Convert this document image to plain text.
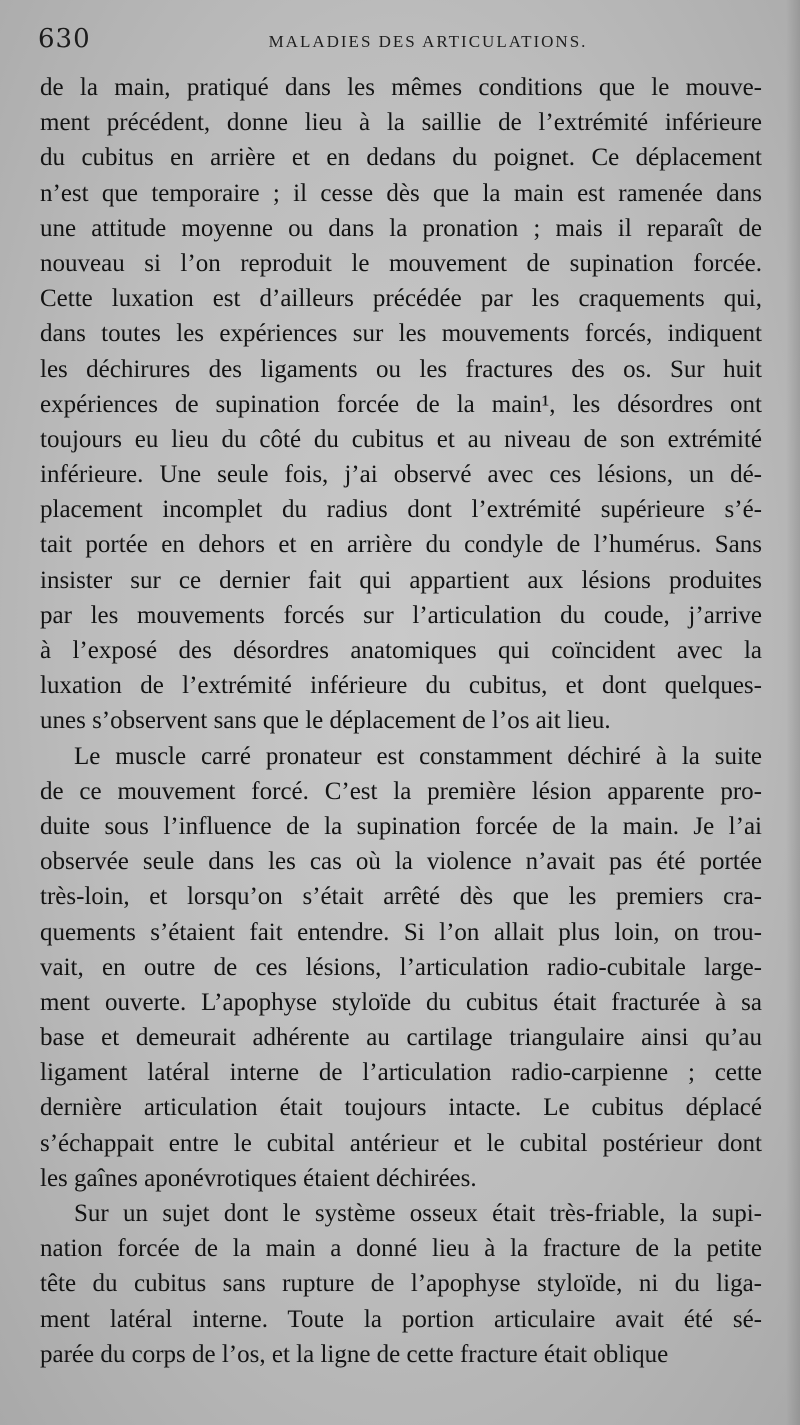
630	MALADIES DES ARTICULATIONS.
de la main, pratiqué dans les mêmes conditions que le mouve-
ment précédent, donne lieu à la saillie de l’extrémité inférieure
du cubitus en arrière et en dedans du poignet. Ce déplacement
n’est que temporaire ; il cesse dès que la main est ramenée dans
une attitude moyenne ou dans la pronation ; mais il reparaît de
nouveau si l’on reproduit le mouvement de supination forcée.
Cette luxation est d’ailleurs précédée par les craquements qui,
dans toutes les expériences sur les mouvements forcés, indiquent
les déchirures des ligaments ou les fractures des os. Sur huit
expériences de supination forcée de la main¹, les désordres ont
toujours eu lieu du côté du cubitus et au niveau de son extrémité
inférieure. Une seule fois, j’ai observé avec ces lésions, un dé-
placement incomplet du radius dont l’extrémité supérieure s’é-
tait portée en dehors et en arrière du condyle de l’humérus. Sans
insister sur ce dernier fait qui appartient aux lésions produites
par les mouvements forcés sur l’articulation du coude, j’arrive
à l’exposé des désordres anatomiques qui coïncident avec la
luxation de l’extrémité inférieure du cubitus, et dont quelques-
unes s’observent sans que le déplacement de l’os ait lieu.
Le muscle carré pronateur est constamment déchiré à la suite
de ce mouvement forcé. C’est la première lésion apparente pro-
duite sous l’influence de la supination forcée de la main. Je l’ai
observée seule dans les cas où la violence n’avait pas été portée
très-loin, et lorsqu’on s’était arrêté dès que les premiers cra-
quements s’étaient fait entendre. Si l’on allait plus loin, on trou-
vait, en outre de ces lésions, l’articulation radio-cubitale large-
ment ouverte. L’apophyse styloïde du cubitus était fracturée à sa
base et demeurait adhérente au cartilage triangulaire ainsi qu’au
ligament latéral interne de l’articulation radio-carpienne ; cette
dernière articulation était toujours intacte. Le cubitus déplacé
s’échappait entre le cubital antérieur et le cubital postérieur dont
les gaînes aponévrotiques étaient déchirées.
Sur un sujet dont le système osseux était très-friable, la supi-
nation forcée de la main a donné lieu à la fracture de la petite
tête du cubitus sans rupture de l’apophyse styloïde, ni du liga-
ment latéral interne. Toute la portion articulaire avait été sé-
parée du corps de l’os, et la ligne de cette fracture était oblique
